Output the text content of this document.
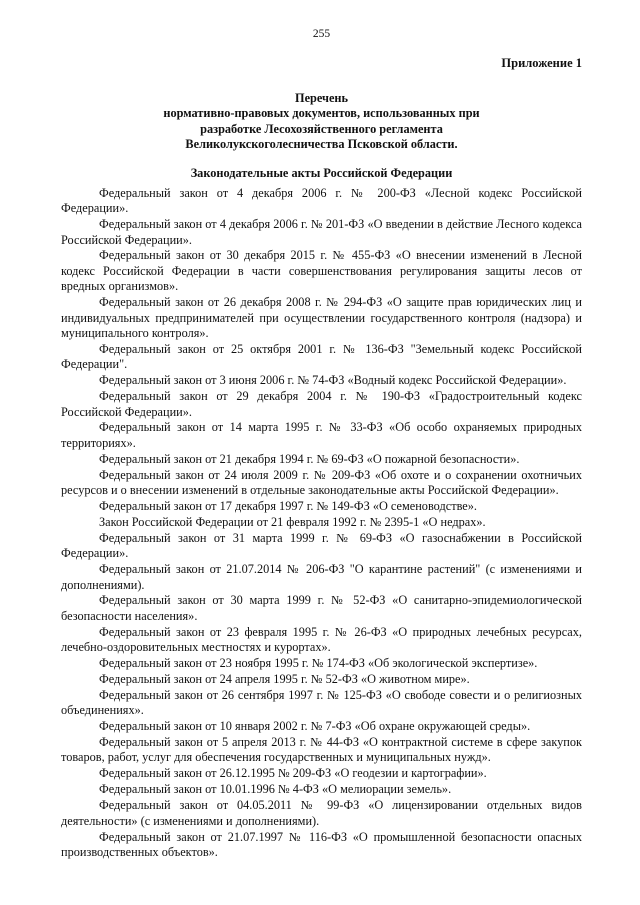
255
Приложение 1
Перечень
нормативно-правовых документов, использованных при
разработке Лесохозяйственного регламента
Великолукскоголесничества Псковской области.
Законодательные акты Российской Федерации

Федеральный закон от 4 декабря 2006 г. № 200-ФЗ «Лесной кодекс Российской Федерации».

Федеральный закон от 4 декабря 2006 г. № 201-ФЗ «О введении в действие Лесного кодекса Российской Федерации».

Федеральный закон от 30 декабря 2015 г. № 455-ФЗ «О внесении изменений в Лесной кодекс Российской Федерации в части совершенствования регулирования защиты лесов от вредных организмов».

Федеральный закон от 26 декабря 2008 г. № 294-ФЗ «О защите прав юридических лиц и индивидуальных предпринимателей при осуществлении государственного контроля (надзора) и муниципального контроля».

Федеральный закон от 25 октября 2001 г. № 136-ФЗ "Земельный кодекс Российской Федерации".

Федеральный закон от 3 июня 2006 г. № 74-ФЗ «Водный кодекс Российской Федерации».

Федеральный закон от 29 декабря 2004 г. № 190-ФЗ «Градостроительный кодекс Российской Федерации».

Федеральный закон от 14 марта 1995 г. № 33-ФЗ «Об особо охраняемых природных территориях».

Федеральный закон от 21 декабря 1994 г. № 69-ФЗ «О пожарной безопасности».

Федеральный закон от 24 июля 2009 г. № 209-ФЗ «Об охоте и о сохранении охотничьих ресурсов и о внесении изменений в отдельные законодательные акты Российской Федерации».

Федеральный закон от 17 декабря 1997 г. № 149-ФЗ «О семеноводстве».

Закон Российской Федерации от 21 февраля 1992 г. № 2395-1 «О недрах».

Федеральный закон от 31 марта 1999 г. № 69-ФЗ «О газоснабжении в Российской Федерации».

Федеральный закон от 21.07.2014 № 206-ФЗ "О карантине растений" (с изменениями и дополнениями).

Федеральный закон от 30 марта 1999 г. № 52-ФЗ «О санитарно-эпидемиологической безопасности населения».

Федеральный закон от 23 февраля 1995 г. № 26-ФЗ «О природных лечебных ресурсах, лечебно-оздоровительных местностях и курортах».

Федеральный закон от 23 ноября 1995 г. № 174-ФЗ «Об экологической экспертизе».

Федеральный закон от 24 апреля 1995 г. № 52-ФЗ «О животном мире».

Федеральный закон от 26 сентября 1997 г. № 125-ФЗ «О свободе совести и о религиозных объединениях».

Федеральный закон от 10 января 2002 г. № 7-ФЗ «Об охране окружающей среды».

Федеральный закон от 5 апреля 2013 г. № 44-ФЗ «О контрактной системе в сфере закупок товаров, работ, услуг для обеспечения государственных и муниципальных нужд».

Федеральный закон от 26.12.1995 № 209-ФЗ «О геодезии и картографии».

Федеральный закон от 10.01.1996 № 4-ФЗ «О мелиорации земель».

Федеральный закон от 04.05.2011 № 99-ФЗ «О лицензировании отдельных видов деятельности» (с изменениями и дополнениями).

Федеральный закон от 21.07.1997 № 116-ФЗ «О промышленной безопасности опасных производственных объектов».
